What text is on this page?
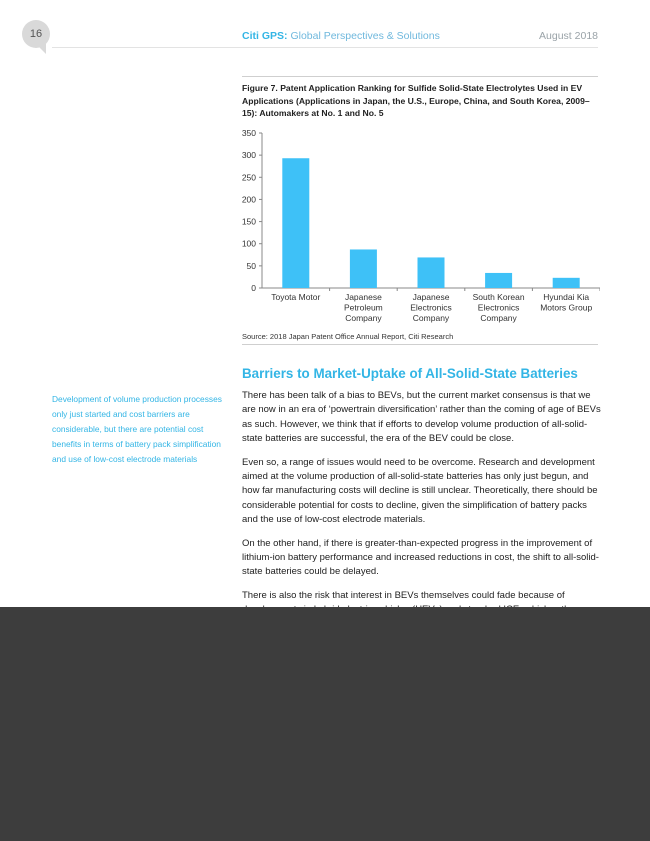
16	Citi GPS: Global Perspectives & Solutions	August 2018
Figure 7. Patent Application Ranking for Sulfide Solid-State Electrolytes Used in EV Applications (Applications in Japan, the U.S., Europe, China, and South Korea, 2009–15): Automakers at No. 1 and No. 5
0
50
100
150
200
250
300
350
Toyota Motor	Japanese Petroleum Company
Japanese Electronics Company
South Korean Electronics Company
Hyundai Kia Motors Group
Source: 2018 Japan Patent Office Annual Report, Citi Research
Barriers to Market-Uptake of All-Solid-State Batteries
Development of volume production processes only just started and cost barriers are considerable, but there are potential cost benefits in terms of battery pack simplification and use of low-cost electrode materials

There has been talk of a bias to BEVs, but the current market consensus is that we are now in an era of ‘powertrain diversification’ rather than the coming of age of BEVs as such. However, we think that if efforts to develop volume production of all-solid-state batteries are successful, the era of the BEV could be close.

Even so, a range of issues would need to be overcome. Research and development aimed at the volume production of all-solid-state batteries has only just begun, and how far manufacturing costs will decline is still unclear. Theoretically, there should be considerable potential for costs to decline, given the simplification of battery packs and the use of low-cost electrode materials.

On the other hand, if there is greater-than-expected progress in the improvement of lithium-ion battery performance and increased reductions in cost, the shift to all-solid-state batteries could be delayed.

There is also the risk that interest in BEVs themselves could fade because of
